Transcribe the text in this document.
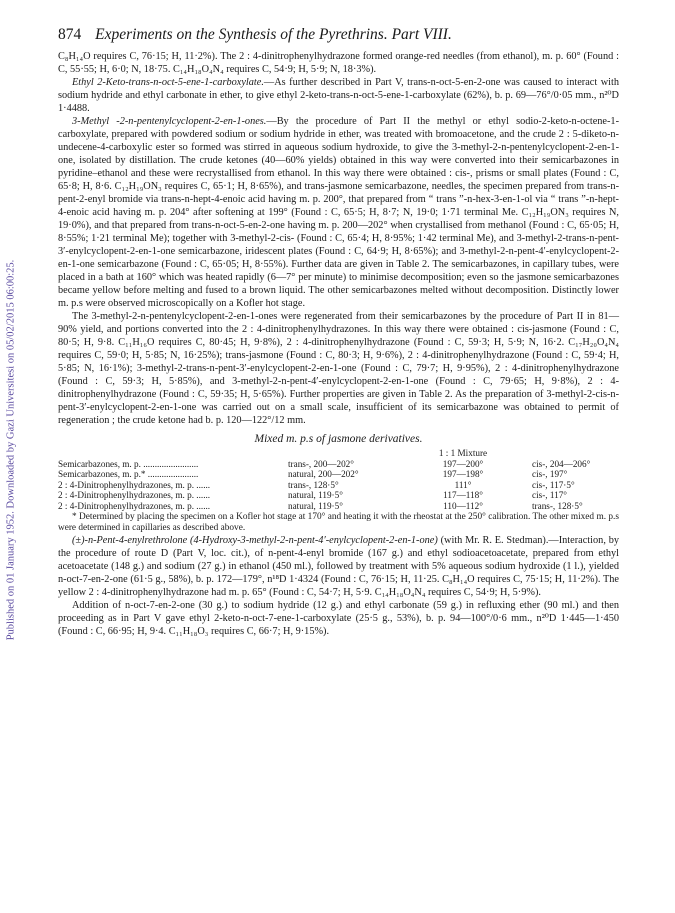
Published on 01 January 1952. Downloaded by Gazi Universitesi on 05/02/2015 06:00:25.
874 Experiments on the Synthesis of the Pyrethrins. Part VIII.

C₈H₁₄O requires C, 76·15; H, 11·2%). The 2 : 4-dinitrophenylhydrazone formed orange-red needles (from ethanol), m. p. 60° (Found : C, 55·55; H, 6·0; N, 18·75. C₁₄H₁₈O₄N₄ requires C, 54·9; H, 5·9; N, 18·3%).

Ethyl 2-Keto-trans-n-oct-5-ene-1-carboxylate.—As further described in Part V, trans-n-oct-5-en-2-one was caused to interact with sodium hydride and ethyl carbonate in ether, to give ethyl 2-keto-trans-n-oct-5-ene-1-carboxylate (62%), b. p. 69—76°/0·05 mm., n²⁰D 1·4488.

3-Methyl -2-n-pentenylcyclopent-2-en-1-ones.—By the procedure of Part II the methyl or ethyl sodio-2-keto-n-octene-1-carboxylate, prepared with powdered sodium or sodium hydride in ether, was treated with bromoacetone, and the crude 2 : 5-diketo-n-undecene-4-carboxylic ester so formed was stirred in aqueous sodium hydroxide, to give the 3-methyl-2-n-pentenylcyclopent-2-en-1-one, isolated by distillation. The crude ketones (40—60% yields) obtained in this way were converted into their semicarbazones in pyridine–ethanol and these were recrystallised from ethanol. In this way there were obtained : cis-, prisms or small plates (Found : C, 65·8; H, 8·6. C₁₂H₁₉ON₃ requires C, 65·1; H, 8·65%), and trans-jasmone semicarbazone, needles, the specimen prepared from trans-n-pent-2-enyl bromide via trans-n-hept-4-enoic acid having m. p. 200°, that prepared from “ trans ”-n-hex-3-en-1-ol via “ trans ”-n-hept-4-enoic acid having m. p. 204° after softening at 199° (Found : C, 65·5; H, 8·7; N, 19·0; 1·71 terminal Me. C₁₂H₁₉ON₃ requires N, 19·0%), and that prepared from trans-n-oct-5-en-2-one having m. p. 200—202° when crystallised from methanol (Found : C, 65·05; H, 8·55%; 1·21 terminal Me); together with 3-methyl-2-cis- (Found : C, 65·4; H, 8·95%; 1·42 terminal Me), and 3-methyl-2-trans-n-pent-3′-enylcyclopent-2-en-1-one semicarbazone, iridescent plates (Found : C, 64·9; H, 8·65%); and 3-methyl-2-n-pent-4′-enylcyclopent-2-en-1-one semicarbazone (Found : C, 65·05; H, 8·55%). Further data are given in Table 2. The semicarbazones, in capillary tubes, were placed in a bath at 160° which was heated rapidly (6—7° per minute) to minimise decomposition; even so the jasmone semicarbazones became yellow before melting and fused to a brown liquid. The other semicarbazones melted without decomposition. Distinctly lower m. p.s were observed microscopically on a Kofler hot stage.

The 3-methyl-2-n-pentenylcyclopent-2-en-1-ones were regenerated from their semicarbazones by the procedure of Part II in 81—90% yield, and portions converted into the 2 : 4-dinitrophenylhydrazones. In this way there were obtained : cis-jasmone (Found : C, 80·5; H, 9·8. C₁₁H₁₆O requires C, 80·45; H, 9·8%), 2 : 4-dinitrophenylhydrazone (Found : C, 59·3; H, 5·9; N, 16·2. C₁₇H₂₀O₄N₄ requires C, 59·0; H, 5·85; N, 16·25%); trans-jasmone (Found : C, 80·3; H, 9·6%), 2 : 4-dinitrophenylhydrazone (Found : C, 59·4; H, 5·85; N, 16·1%); 3-methyl-2-trans-n-pent-3′-enylcyclopent-2-en-1-one (Found : C, 79·7; H, 9·95%), 2 : 4-dinitrophenylhydrazone (Found : C, 59·3; H, 5·85%), and 3-methyl-2-n-pent-4′-enylcyclopent-2-en-1-one (Found : C, 79·65; H, 9·8%), 2 : 4-dinitrophenylhydrazone (Found : C, 59·35; H, 5·65%). Further properties are given in Table 2. As the preparation of 3-methyl-2-cis-n-pent-3′-enylcyclopent-2-en-1-one was carried out on a small scale, insufficient of its semicarbazone was obtained to permit of regeneration ; the crude ketone had b. p. 120—122°/12 mm.

Mixed m. p.s of jasmone derivatives.
		1 : 1 Mixture	
Semicarbazones, m. p. ........................	trans-, 200—202°	197—200°	cis-, 204—206°
Semicarbazones, m. p.* ......................	natural, 200—202°	197—198°	cis-, 197°
2 : 4-Dinitrophenylhydrazones, m. p. ......	trans-, 128·5°	111°	cis-, 117·5°
2 : 4-Dinitrophenylhydrazones, m. p. ......	natural, 119·5°	117—118°	cis-, 117°
2 : 4-Dinitrophenylhydrazones, m. p. ......	natural, 119·5°	110—112°	trans-, 128·5°

* Determined by placing the specimen on a Kofler hot stage at 170° and heating it with the rheostat at the 250° calibration. The other mixed m. p.s were determined in capillaries as described above.

(±)-n-Pent-4-enylrethrolone (4-Hydroxy-3-methyl-2-n-pent-4′-enylcyclopent-2-en-1-one) (with Mr. R. E. Stedman).—Interaction, by the procedure of route D (Part V, loc. cit.), of n-pent-4-enyl bromide (167 g.) and ethyl sodioacetoacetate, prepared from ethyl acetoacetate (148 g.) and sodium (27 g.) in ethanol (450 ml.), followed by treatment with 5% aqueous sodium hydroxide (1 l.), yielded n-oct-7-en-2-one (61·5 g., 58%), b. p. 172—179°, n¹⁸D 1·4324 (Found : C, 76·15; H, 11·25. C₈H₁₄O requires C, 75·15; H, 11·2%). The yellow 2 : 4-dinitrophenylhydrazone had m. p. 65° (Found : C, 54·7; H, 5·9. C₁₄H₁₈O₄N₄ requires C, 54·9; H, 5·9%).

Addition of n-oct-7-en-2-one (30 g.) to sodium hydride (12 g.) and ethyl carbonate (59 g.) in refluxing ether (90 ml.) and then proceeding as in Part V gave ethyl 2-keto-n-oct-7-ene-1-carboxylate (25·5 g., 53%), b. p. 94—100°/0·6 mm., n²⁰D 1·445—1·450 (Found : C, 66·95; H, 9·4. C₁₁H₁₈O₃ requires C, 66·7; H, 9·15%).
